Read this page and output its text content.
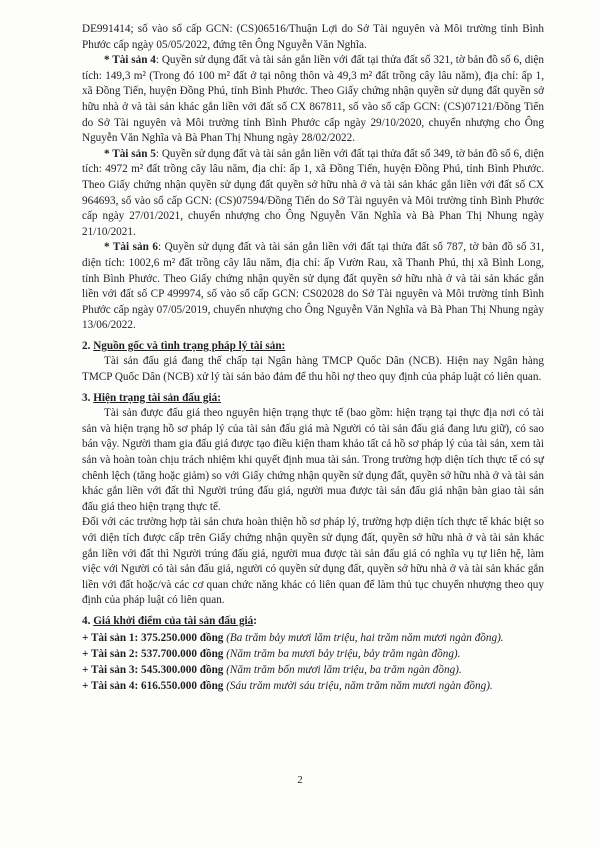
DE991414; số vào sổ cấp GCN: (CS)06516/Thuận Lợi do Sở Tài nguyên và Môi trường tỉnh Bình Phước cấp ngày 05/05/2022, đứng tên Ông Nguyễn Văn Nghĩa.

* Tài sản 4: Quyền sử dụng đất và tài sản gắn liền với đất tại thửa đất số 321, tờ bản đồ số 6, diện tích: 149,3 m² (Trong đó 100 m² đất ở tại nông thôn và 49,3 m² đất trồng cây lâu năm), địa chỉ: ấp 1, xã Đồng Tiến, huyện Đồng Phú, tỉnh Bình Phước. Theo Giấy chứng nhận quyền sử dụng đất quyền sở hữu nhà ở và tài sản khác gắn liền với đất số CX 867811, số vào sổ cấp GCN: (CS)07121/Đồng Tiến do Sở Tài nguyên và Môi trường tỉnh Bình Phước cấp ngày 29/10/2020, chuyển nhượng cho Ông Nguyễn Văn Nghĩa và Bà Phan Thị Nhung ngày 28/02/2022.

* Tài sản 5: Quyền sử dụng đất và tài sản gắn liền với đất tại thửa đất số 349, tờ bản đồ số 6, diện tích: 4972 m² đất trồng cây lâu năm, địa chỉ: ấp 1, xã Đồng Tiến, huyện Đồng Phú, tỉnh Bình Phước. Theo Giấy chứng nhận quyền sử dụng đất quyền sở hữu nhà ở và tài sản khác gắn liền với đất số CX 964693, số vào sổ cấp GCN: (CS)07594/Đồng Tiến do Sở Tài nguyên và Môi trường tỉnh Bình Phước cấp ngày 27/01/2021, chuyển nhượng cho Ông Nguyễn Văn Nghĩa và Bà Phan Thị Nhung ngày 21/10/2021.

* Tài sản 6: Quyền sử dụng đất và tài sản gắn liền với đất tại thửa đất số 787, tờ bản đồ số 31, diện tích: 1002,6 m² đất trồng cây lâu năm, địa chỉ: ấp Vườn Rau, xã Thanh Phú, thị xã Bình Long, tỉnh Bình Phước. Theo Giấy chứng nhận quyền sử dụng đất quyền sở hữu nhà ở và tài sản khác gắn liền với đất số CP 499974, số vào sổ cấp GCN: CS02028 do Sở Tài nguyên và Môi trường tỉnh Bình Phước cấp ngày 07/05/2019, chuyển nhượng cho Ông Nguyễn Văn Nghĩa và Bà Phan Thị Nhung ngày 13/06/2022.

2. Nguồn gốc và tình trạng pháp lý tài sản:

Tài sản đấu giá đang thế chấp tại Ngân hàng TMCP Quốc Dân (NCB). Hiện nay Ngân hàng TMCP Quốc Dân (NCB) xử lý tài sản bảo đảm để thu hồi nợ theo quy định của pháp luật có liên quan.

3. Hiện trạng tài sản đấu giá:

Tài sản được đấu giá theo nguyên hiện trạng thực tế (bao gồm: hiện trạng tại thực địa nơi có tài sản và hiện trạng hồ sơ pháp lý của tài sản đấu giá mà Người có tài sản đấu giá đang lưu giữ), có sao bán vậy. Người tham gia đấu giá được tạo điều kiện tham khảo tất cả hồ sơ pháp lý của tài sản, xem tài sản và hoàn toàn chịu trách nhiệm khi quyết định mua tài sản. Trong trường hợp diện tích thực tế có sự chênh lệch (tăng hoặc giảm) so với Giấy chứng nhận quyền sử dụng đất, quyền sở hữu nhà ở và tài sản khác gắn liền với đất thì Người trúng đấu giá, người mua được tài sản đấu giá nhận bàn giao tài sản đấu giá theo hiện trạng thực tế.

Đối với các trường hợp tài sản chưa hoàn thiện hồ sơ pháp lý, trường hợp diện tích thực tế khác biệt so với diện tích được cấp trên Giấy chứng nhận quyền sử dụng đất, quyền sở hữu nhà ở và tài sản khác gắn liền với đất thì Người trúng đấu giá, người mua được tài sản đấu giá có nghĩa vụ tự liên hệ, làm việc với Người có tài sản đấu giá, người có quyền sử dụng đất, quyền sở hữu nhà ở và tài sản khác gắn liền với đất hoặc/và các cơ quan chức năng khác có liên quan để làm thủ tục chuyển nhượng theo quy định của pháp luật có liên quan.

4. Giá khởi điểm của tài sản đấu giá:

+ Tài sản 1: 375.250.000 đồng (Ba trăm bảy mươi lăm triệu, hai trăm năm mươi ngàn đồng).

+ Tài sản 2: 537.700.000 đồng (Năm trăm ba mươi bảy triệu, bảy trăm ngàn đồng).

+ Tài sản 3: 545.300.000 đồng (Năm trăm bốn mươi lăm triệu, ba trăm ngàn đồng).

+ Tài sản 4: 616.550.000 đồng (Sáu trăm mười sáu triệu, năm trăm năm mươi ngàn đồng).

2
